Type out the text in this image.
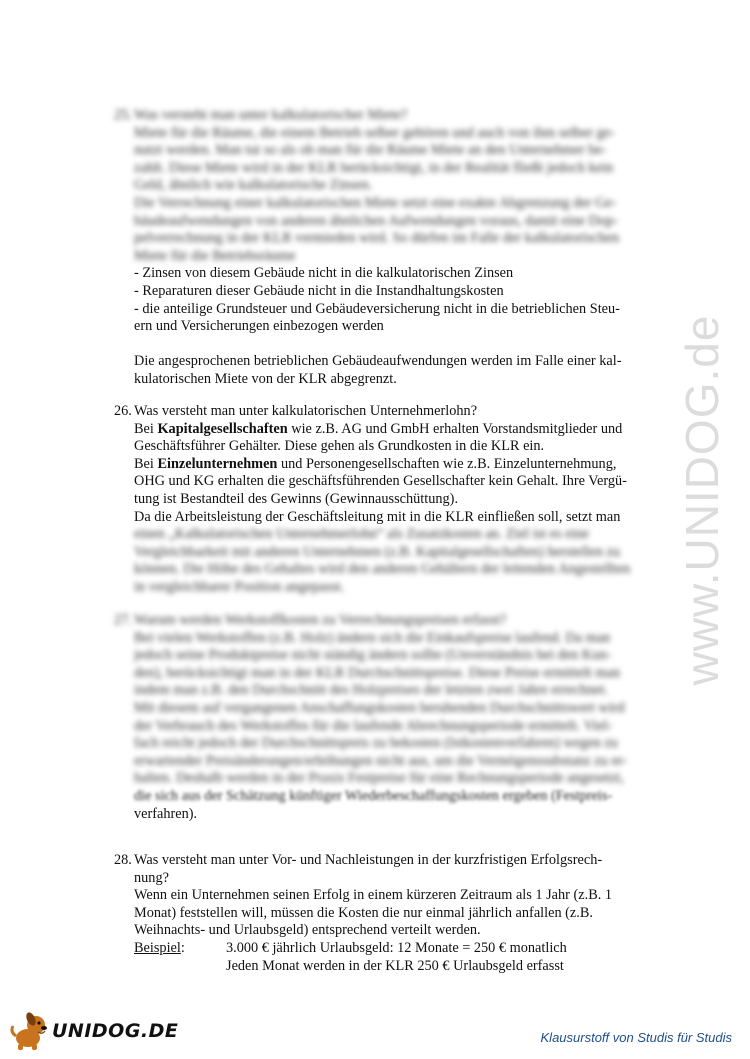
25. Was versteht man unter kalkulatorischer Miete?
Miete für die Räume, die einem Betrieb selber gehören und auch von ihm selber ge-
nutzt werden. Man tut so als ob man für die Räume Miete an den Unternehmer be-
zahlt. Diese Miete wird in der KLR berücksichtigt, in der Realität fließt jedoch kein
Geld, ähnlich wie kalkulatorische Zinsen.
Die Verrechnung einer kalkulatorischen Miete setzt eine exakte Abgrenzung der Ge-
bäudeaufwendungen von anderen ähnlichen Aufwendungen voraus, damit eine Dop-
pelverrechnung in der KLR vermieden wird. So dürfen im Falle der kalkulatorischen
Miete für die Betriebsräume
- Zinsen von diesem Gebäude nicht in die kalkulatorischen Zinsen
- Reparaturen dieser Gebäude nicht in die Instandhaltungskosten
- die anteilige Grundsteuer und Gebäudeversicherung nicht in die betrieblichen Steu-
ern und Versicherungen einbezogen werden
Die angesprochenen betrieblichen Gebäudeaufwendungen werden im Falle einer kal-
kulatorischen Miete von der KLR abgegrenzt.
26. Was versteht man unter kalkulatorischen Unternehmerlohn?
Bei Kapitalgesellschaften wie z.B. AG und GmbH erhalten Vorstandsmitglieder und
Geschäftsführer Gehälter. Diese gehen als Grundkosten in die KLR ein.
Bei Einzelunternehmen und Personengesellschaften wie z.B. Einzelunternehmung,
OHG und KG erhalten die geschäftsführenden Gesellschafter kein Gehalt. Ihre Vergü-
tung ist Bestandteil des Gewinns (Gewinnausschüttung).
Da die Arbeitsleistung der Geschäftsleitung mit in die KLR einfließen soll, setzt man
einen „Kalkulatorischen Unternehmerlohn“ als Zusatzkosten an. Ziel ist es eine
Vergleichbarkeit mit anderen Unternehmen (z.B. Kapitalgesellschaften) herstellen zu
können. Die Höhe des Gehaltes wird den anderen Gehältern der leitenden Angestellten
in vergleichbarer Position angepasst.
27. Warum werden Werkstoffkosten zu Verrechnungspreisen erfasst?
Bei vielen Werkstoffen (z.B. Holz) ändern sich die Einkaufspreise laufend. Da man
jedoch seine Produktpreise nicht ständig ändern sollte (Unverständnis bei den Kun-
den), berücksichtigt man in der KLR Durchschnittspreise. Diese Preise ermittelt man
indem man z.B. den Durchschnitt des Holzpreises der letzten zwei Jahre errechnet.
Mit diesem auf vergangenen Anschaffungskosten beruhenden Durchschnittswert wird
der Verbrauch des Werkstoffes für die laufende Abrechnungsperiode ermittelt. Viel-
fach reicht jedoch der Durchschnittspreis zu bekosten (Istkostenverfahren) wegen zu
erwartender Preisänderungen/erhöhungen nicht aus, um die Vermögenssubstanz zu er-
halten. Deshalb werden in der Praxis Festpreise für eine Rechnungsperiode angesetzt,
die sich aus der Schätzung künftiger Wiederbeschaffungskosten ergeben (Festpreis-
verfahren).
28. Was versteht man unter Vor- und Nachleistungen in der kurzfristigen Erfolgsrech-
nung?
Wenn ein Unternehmen seinen Erfolg in einem kürzeren Zeitraum als 1 Jahr (z.B. 1
Monat) feststellen will, müssen die Kosten die nur einmal jährlich anfallen (z.B.
Weihnachts- und Urlaubsgeld) entsprechend verteilt werden.
Beispiel:	3.000 € jährlich Urlaubsgeld: 12 Monate = 250 € monatlich
Jeden Monat werden in der KLR 250 € Urlaubsgeld erfasst
www.UNIDOG.de
UNIDOG.DE	Klausurstoff von Studis für Studis
